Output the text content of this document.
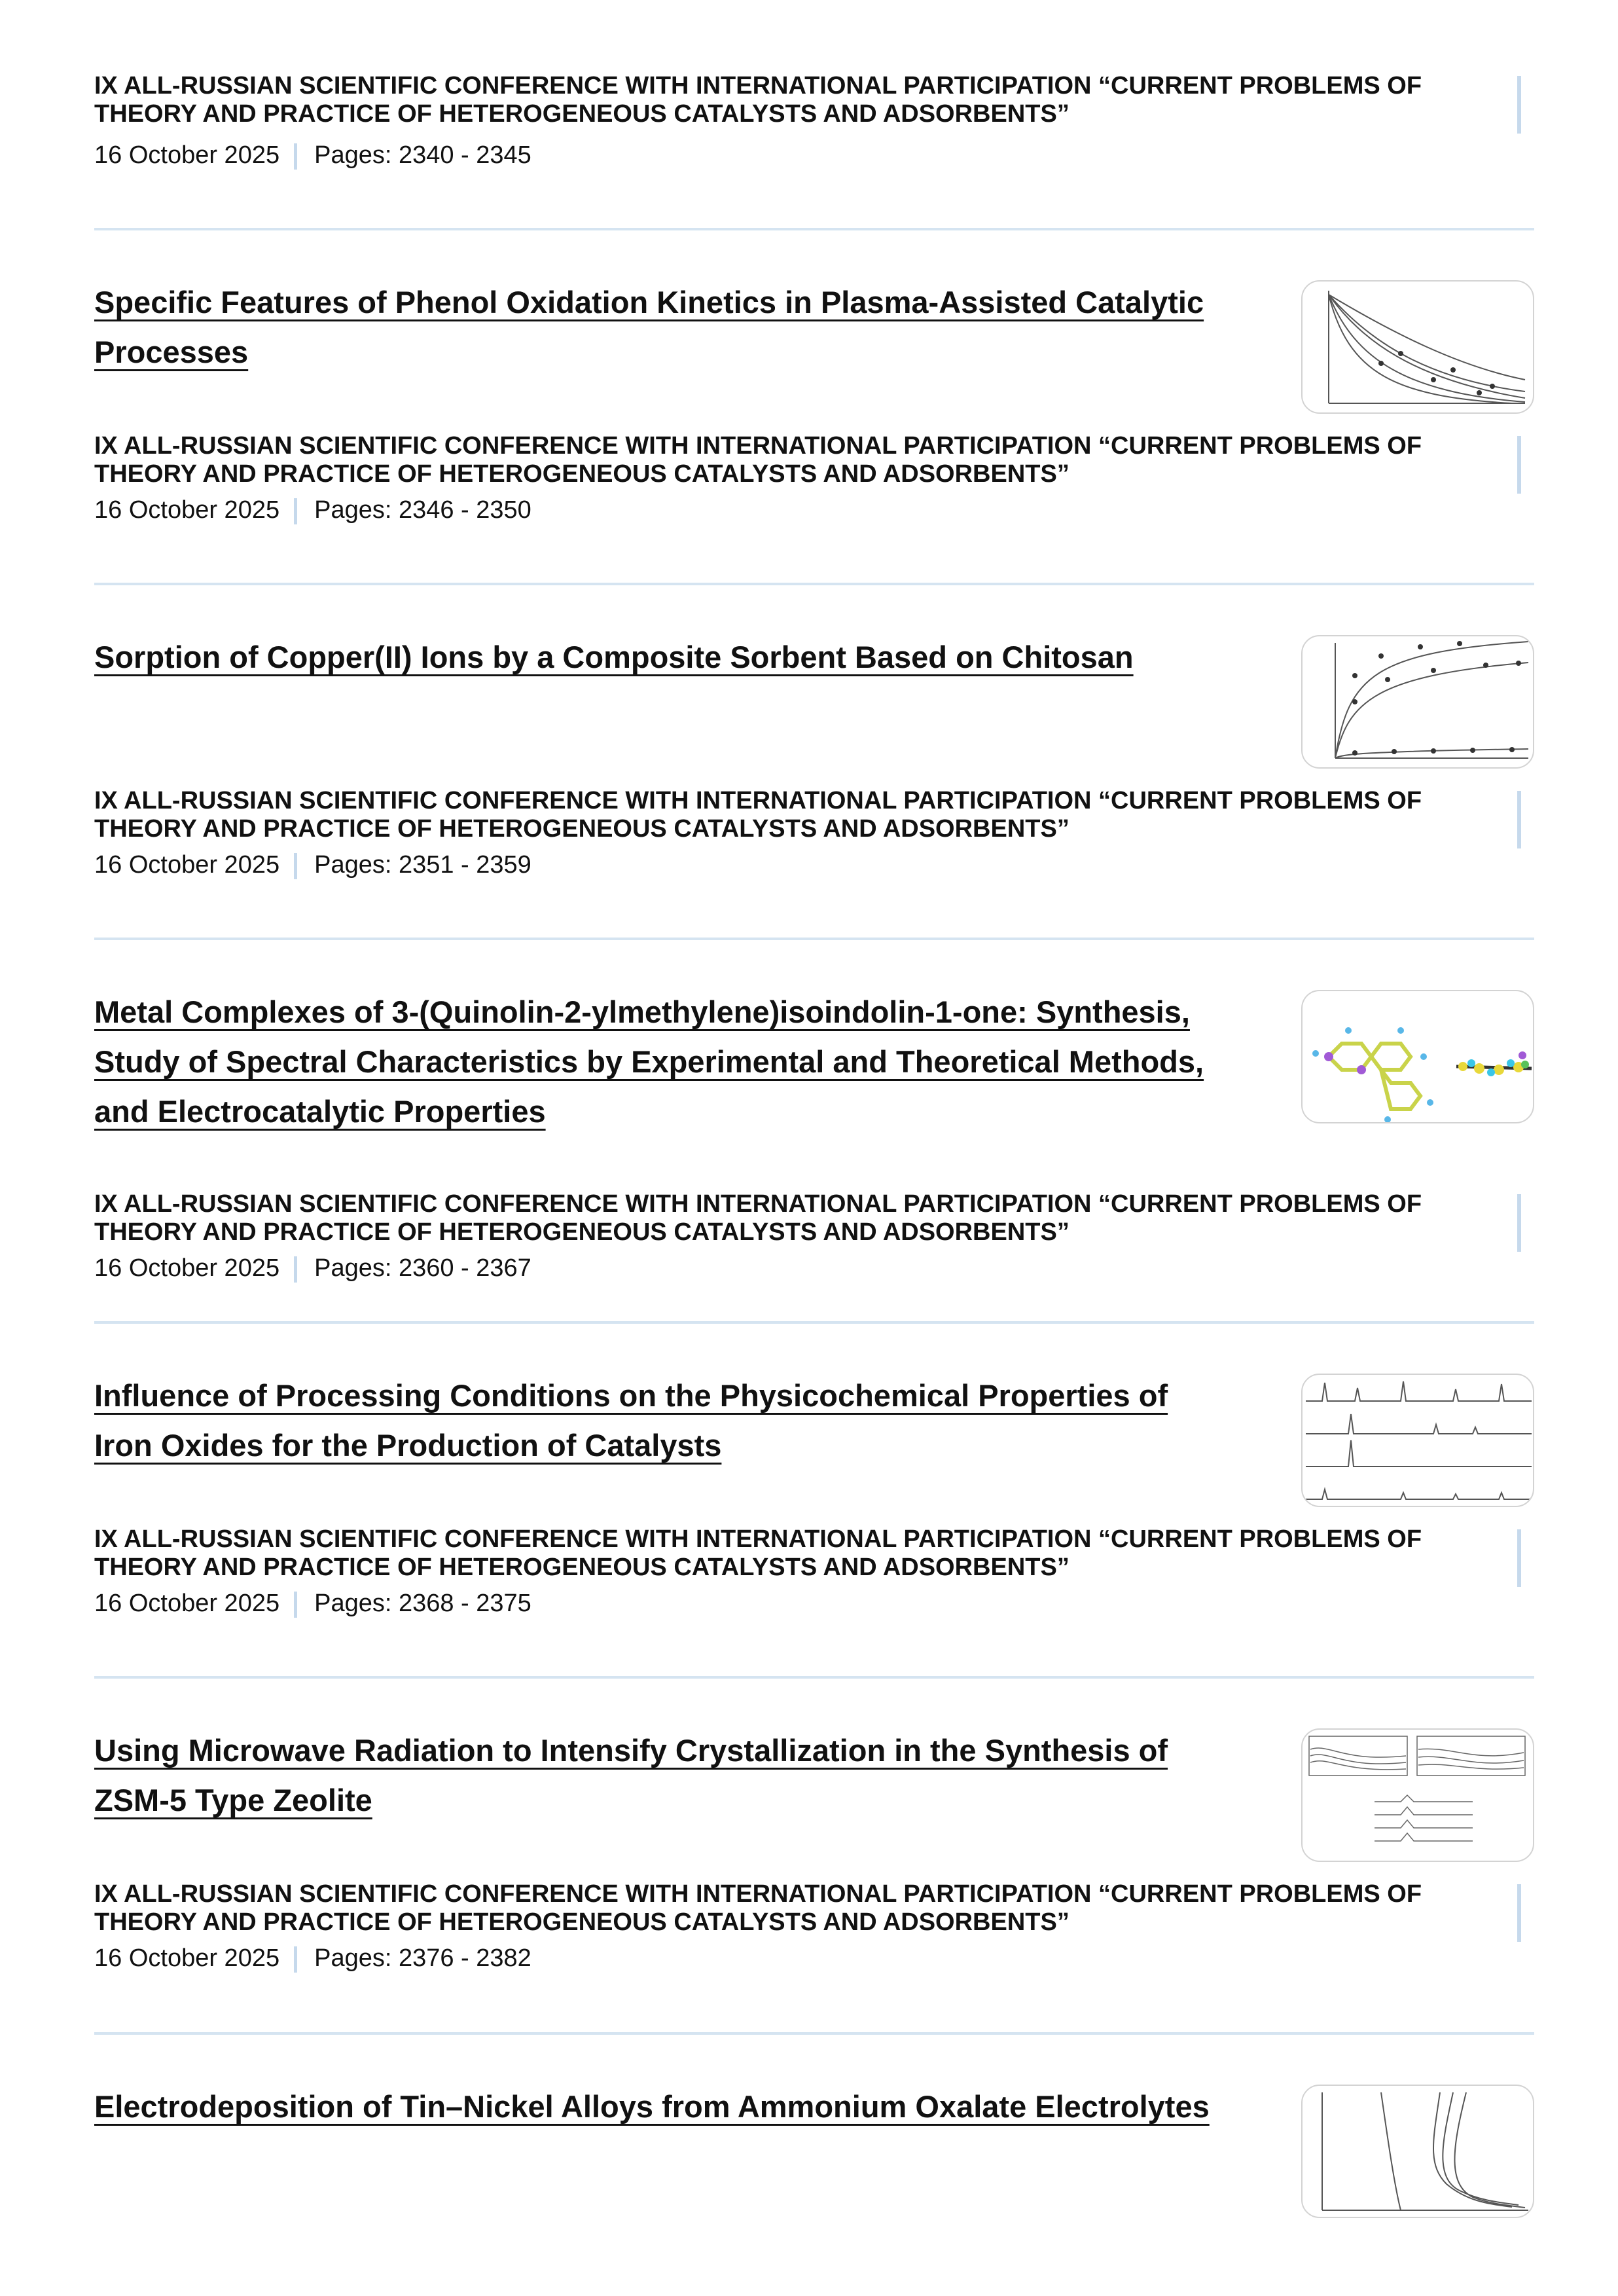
IX ALL-RUSSIAN SCIENTIFIC CONFERENCE WITH INTERNATIONAL PARTICIPATION “CURRENT PROBLEMS OF THEORY AND PRACTICE OF HETEROGENEOUS CATALYSTS AND ADSORBENTS”
16 October 2025 Pages: 2340 - 2345
Specific Features of Phenol Oxidation Kinetics in Plasma-Assisted Catalytic Processes
IX ALL-RUSSIAN SCIENTIFIC CONFERENCE WITH INTERNATIONAL PARTICIPATION “CURRENT PROBLEMS OF THEORY AND PRACTICE OF HETEROGENEOUS CATALYSTS AND ADSORBENTS”
16 October 2025 Pages: 2346 - 2350
Sorption of Copper(II) Ions by a Composite Sorbent Based on Chitosan
IX ALL-RUSSIAN SCIENTIFIC CONFERENCE WITH INTERNATIONAL PARTICIPATION “CURRENT PROBLEMS OF THEORY AND PRACTICE OF HETEROGENEOUS CATALYSTS AND ADSORBENTS”
16 October 2025 Pages: 2351 - 2359
Metal Complexes of 3-(Quinolin-2-ylmethylene)isoindolin-1-one: Synthesis, Study of Spectral Characteristics by Experimental and Theoretical Methods, and Electrocatalytic Properties
IX ALL-RUSSIAN SCIENTIFIC CONFERENCE WITH INTERNATIONAL PARTICIPATION “CURRENT PROBLEMS OF THEORY AND PRACTICE OF HETEROGENEOUS CATALYSTS AND ADSORBENTS”
16 October 2025 Pages: 2360 - 2367
Influence of Processing Conditions on the Physicochemical Properties of Iron Oxides for the Production of Catalysts
IX ALL-RUSSIAN SCIENTIFIC CONFERENCE WITH INTERNATIONAL PARTICIPATION “CURRENT PROBLEMS OF THEORY AND PRACTICE OF HETEROGENEOUS CATALYSTS AND ADSORBENTS”
16 October 2025 Pages: 2368 - 2375
Using Microwave Radiation to Intensify Crystallization in the Synthesis of ZSM-5 Type Zeolite
IX ALL-RUSSIAN SCIENTIFIC CONFERENCE WITH INTERNATIONAL PARTICIPATION “CURRENT PROBLEMS OF THEORY AND PRACTICE OF HETEROGENEOUS CATALYSTS AND ADSORBENTS”
16 October 2025 Pages: 2376 - 2382
Electrodeposition of Tin–Nickel Alloys from Ammonium Oxalate Electrolytes
